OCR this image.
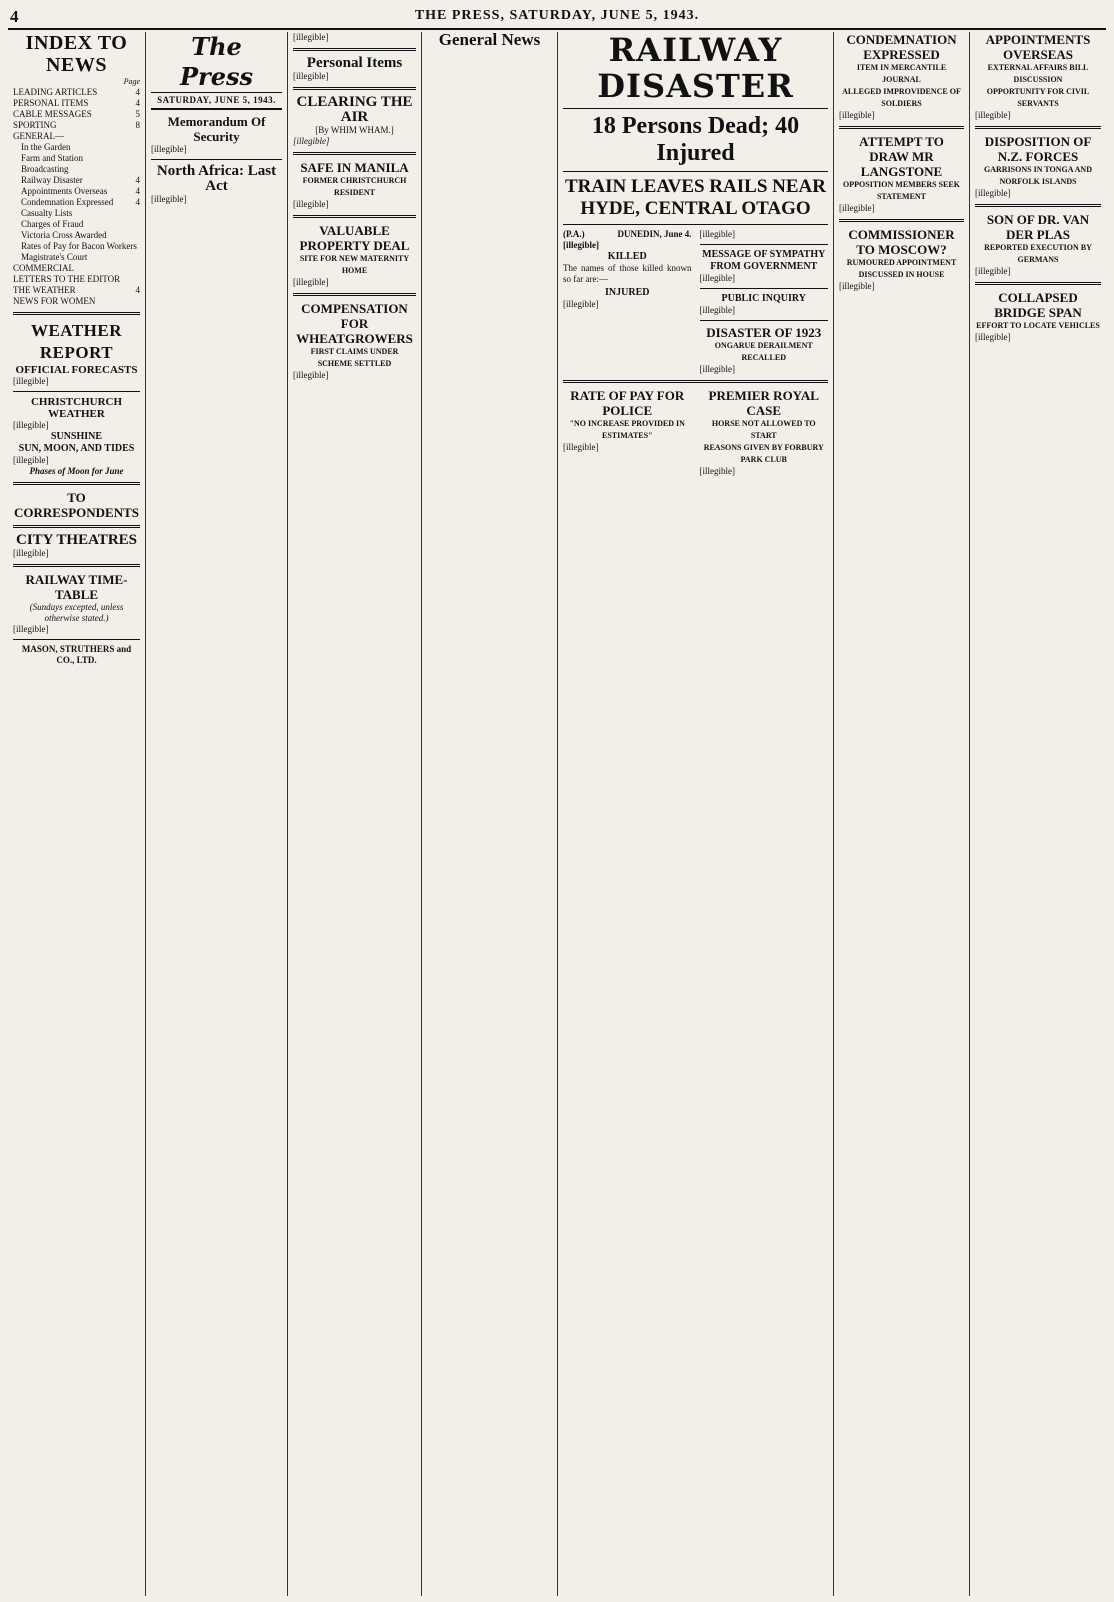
4	THE PRESS, SATURDAY, JUNE 5, 1943.
INDEX TO NEWS
Page
LEADING ARTICLES	4
PERSONAL ITEMS	4
CABLE MESSAGES	5
SPORTING	8
GENERAL—
In the Garden
Farm and Station
Broadcasting
Railway Disaster	4
Appointments Overseas	4
Condemnation Expressed 4
Casualty Lists
Charges of Fraud
Victoria Cross Awarded
Rates of Pay for Bacon Workers
Magistrate's Court
COMMERCIAL
LETTERS TO THE EDITOR
THE WEATHER	4
NEWS FOR WOMEN
WEATHER REPORT
OFFICIAL FORECASTS
[illegible]
CHRISTCHURCH WEATHER
[illegible]
SUNSHINE
SUN, MOON, AND TIDES
[illegible]
Phases of Moon for June
TO CORRESPONDENTS
CITY THEATRES
[illegible]
RAILWAY TIME-TABLE
(Sundays excepted, unless otherwise stated.)
[illegible]
MASON, STRUTHERS and CO., LTD.
The Press
SATURDAY, JUNE 5, 1943.
Memorandum Of Security
[illegible]
North Africa: Last Act
[illegible]
[illegible]
Personal Items
[illegible]
CLEARING THE AIR
[By WHIM WHAM.]
[illegible]
SAFE IN MANILA
FORMER CHRISTCHURCH RESIDENT
[illegible]
VALUABLE PROPERTY DEAL
SITE FOR NEW MATERNITY HOME
[illegible]
COMPENSATION FOR WHEATGROWERS
FIRST CLAIMS UNDER SCHEME SETTLED
[illegible]
General News	RAILWAY DISASTER
18 Persons Dead; 40 Injured
TRAIN LEAVES RAILS NEAR HYDE, CENTRAL OTAGO
(P.A.)	DUNEDIN, June 4.
[illegible]
KILLED
The names of those killed known so far are:—
INJURED
[illegible]
[illegible]
MESSAGE OF SYMPATHY FROM GOVERNMENT
[illegible]
PUBLIC INQUIRY
[illegible]
DISASTER OF 1923
ONGARUE DERAILMENT RECALLED
[illegible]
RATE OF PAY FOR POLICE
"NO INCREASE PROVIDED IN ESTIMATES"
[illegible]
PREMIER ROYAL CASE
HORSE NOT ALLOWED TO START
REASONS GIVEN BY FORBURY PARK CLUB
[illegible]
CONDEMNATION EXPRESSED
ITEM IN MERCANTILE JOURNAL
ALLEGED IMPROVIDENCE OF SOLDIERS
[illegible]
ATTEMPT TO DRAW MR LANGSTONE
OPPOSITION MEMBERS SEEK STATEMENT
[illegible]
COMMISSIONER TO MOSCOW?
RUMOURED APPOINTMENT DISCUSSED IN HOUSE
[illegible]
APPOINTMENTS OVERSEAS
EXTERNAL AFFAIRS BILL DISCUSSION
OPPORTUNITY FOR CIVIL SERVANTS
[illegible]
DISPOSITION OF N.Z. FORCES
GARRISONS IN TONGA AND NORFOLK ISLANDS
[illegible]
SON OF DR. VAN DER PLAS
REPORTED EXECUTION BY GERMANS
[illegible]
COLLAPSED BRIDGE SPAN
EFFORT TO LOCATE VEHICLES
[illegible]
